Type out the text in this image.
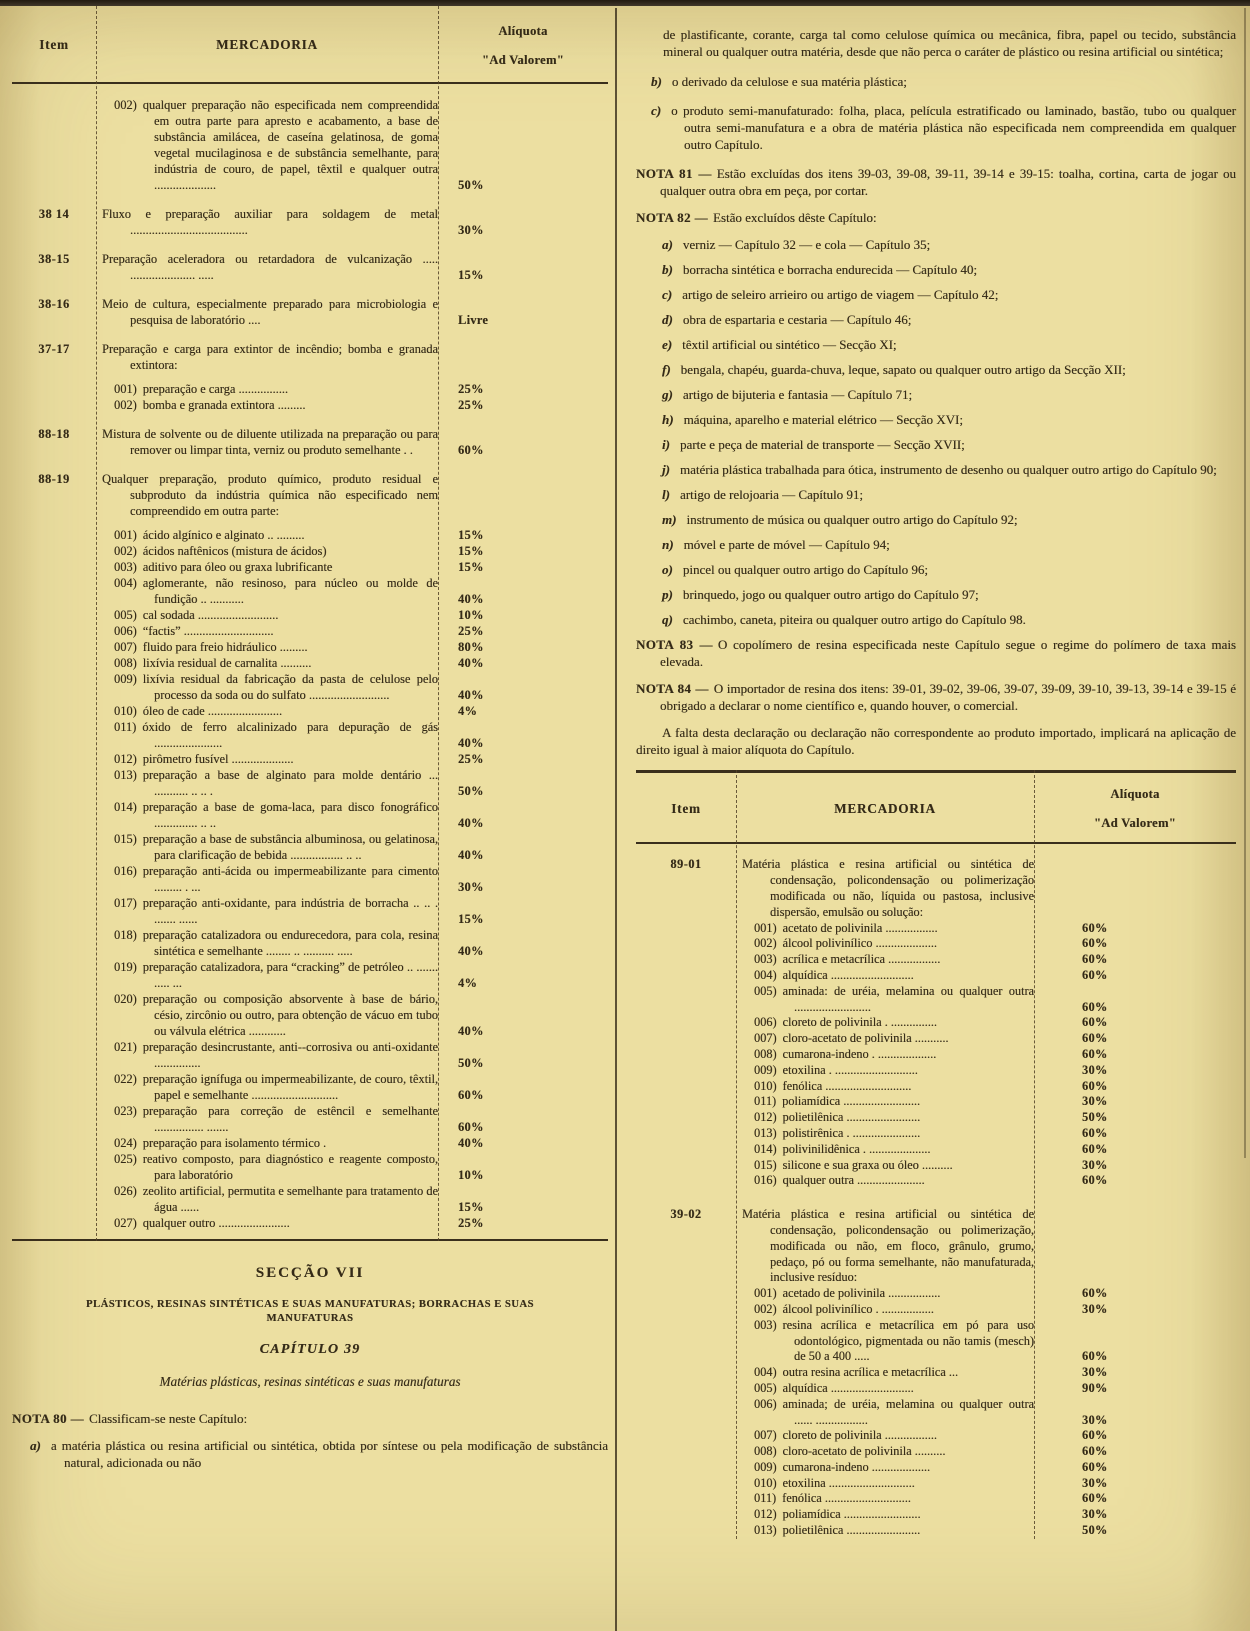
Item	MERCADORIA
Alíquota
"Ad Valorem"
002) qualquer preparação não especificada nem compreendida em outra parte para apresto e acabamento, a base de substância amilácea, de caseína gelatinosa, de goma vegetal mucilaginosa e de substância semelhante, para indústria de couro, de papel, têxtil e qualquer outra ....................	50%
38 14	Fluxo e preparação auxiliar para soldagem de metal ......................................	30%
38-15	Preparação aceleradora ou retardadora de vulcanização ..... ..................... .....	15%
38-16	Meio de cultura, especialmente preparado para microbiologia e pesquisa de laboratório ....	Livre
37-17	Preparação e carga para extintor de incêndio; bomba e granada extintora:
001) preparação e carga ................	25%
002) bomba e granada extintora .........	25%
88-18	Mistura de solvente ou de diluente utilizada na preparação ou para remover ou limpar tinta, verniz ou produto semelhante . .	60%
88-19	Qualquer preparação, produto químico, produto residual e subproduto da indústria química não especificado nem compreendido em outra parte:
001) ácido algínico e alginato .. .........	15%
002) ácidos naftênicos (mistura de ácidos)	15%
003) aditivo para óleo ou graxa lubrificante	15%
004) aglomerante, não resinoso, para núcleo ou molde de fundição .. ...........	40%
005) cal sodada ..........................	10%
006) “factis” .............................	25%
007) fluido para freio hidráulico .........	80%
008) lixívia residual de carnalita ..........	40%
009) lixívia residual da fabricação da pasta de celulose pelo processo da soda ou do sulfato ..........................	40%
010) óleo de cade ........................	4%
011) óxido de ferro alcalinizado para depuração de gás ......................	40%
012) pirômetro fusível ....................	25%
013) preparação a base de alginato para molde dentário ... ........... .. .. .	50%
014) preparação a base de goma-laca, para disco fonográfico .............. .. ..	40%
015) preparação a base de substância albuminosa, ou gelatinosa, para clarificação de bebida ................. .. ..	40%
016) preparação anti-ácida ou impermeabilizante para cimento ......... . ...	30%
017) preparação anti-oxidante, para indústria de borracha .. .. . ....... ......	15%
018) preparação catalizadora ou endurecedora, para cola, resina sintética e semelhante ........ .. .......... .....	40%
019) preparação catalizadora, para “cracking” de petróleo .. ....... ..... ...	4%
020) preparação ou composição absorvente à base de bário, césio, zircônio ou outro, para obtenção de vácuo em tubo ou válvula elétrica ............	40%
021) preparação desincrustante, anti--corrosiva ou anti-oxidante ...............	50%
022) preparação ignífuga ou impermeabilizante, de couro, têxtil, papel e semelhante ............................	60%
023) preparação para correção de estêncil e semelhante ................ .......	60%
024) preparação para isolamento térmico .	40%
025) reativo composto, para diagnóstico e reagente composto, para laboratório	10%
026) zeolito artificial, permutita e semelhante para tratamento de água ......	15%
027) qualquer outro .......................	25%
SECÇÃO VII
PLÁSTICOS, RESINAS SINTÉTICAS E SUAS MANUFATURAS; BORRACHAS E SUAS MANUFATURAS
CAPÍTULO 39
Matérias plásticas, resinas sintéticas e suas manufaturas

NOTA 80 — Classificam-se neste Capítulo:

a) a matéria plástica ou resina artificial ou sintética, obtida por síntese ou pela modificação de substância natural, adicionada ou não

de plastificante, corante, carga tal como celulose química ou mecânica, fibra, papel ou tecido, substância mineral ou qualquer outra matéria, desde que não perca o caráter de plástico ou resina artificial ou sintética;

b) o derivado da celulose e sua matéria plástica;
c) o produto semi-manufaturado: folha, placa, película estratificado ou laminado, bastão, tubo ou qualquer outra semi-manufatura e a obra de matéria plástica não especificada nem compreendida em qualquer outro Capítulo.

NOTA 81 — Estão excluídas dos itens 39-03, 39-08, 39-11, 39-14 e 39-15: toalha, cortina, carta de jogar ou qualquer outra obra em peça, por cortar.

NOTA 82 — Estão excluídos dêste Capítulo:

a) verniz — Capítulo 32 — e cola — Capítulo 35;
b) borracha sintética e borracha endurecida — Capítulo 40;
c) artigo de seleiro arrieiro ou artigo de viagem — Capítulo 42;
d) obra de espartaria e cestaria — Capítulo 46;
e) têxtil artificial ou sintético — Secção XI;
f) bengala, chapéu, guarda-chuva, leque, sapato ou qualquer outro artigo da Secção XII;
g) artigo de bijuteria e fantasia — Capítulo 71;
h) máquina, aparelho e material elétrico — Secção XVI;
i) parte e peça de material de transporte — Secção XVII;
j) matéria plástica trabalhada para ótica, instrumento de desenho ou qualquer outro artigo do Capítulo 90;
l) artigo de relojoaria — Capítulo 91;
m) instrumento de música ou qualquer outro artigo do Capítulo 92;
n) móvel e parte de móvel — Capítulo 94;
o) pincel ou qualquer outro artigo do Capítulo 96;
p) brinquedo, jogo ou qualquer outro artigo do Capítulo 97;
q) cachimbo, caneta, piteira ou qualquer outro artigo do Capítulo 98.

NOTA 83 — O copolímero de resina especificada neste Capítulo segue o regime do polímero de taxa mais elevada.

NOTA 84 — O importador de resina dos itens: 39-01, 39-02, 39-06, 39-07, 39-09, 39-10, 39-13, 39-14 e 39-15 é obrigado a declarar o nome científico e, quando houver, o comercial.

A falta desta declaração ou declaração não correspondente ao produto importado, implicará na aplicação de direito igual à maior alíquota do Capítulo.

Item	MERCADORIA
Alíquota
"Ad Valorem"
89-01	Matéria plástica e resina artificial ou sintética de condensação, policondensação ou polimerização modificada ou não, líquida ou pastosa, inclusive dispersão, emulsão ou solução:
001) acetato de polivinila .................	60%
002) álcool polivinílico ....................	60%
003) acrílica e metacrílica .................	60%
004) alquídica ...........................	60%
005) aminada: de uréia, melamina ou qualquer outra .........................	60%
006) cloreto de polivinila . ...............	60%
007) cloro-acetato de polivinila ...........	60%
008) cumarona-indeno . ...................	60%
009) etoxilina . ...........................	30%
010) fenólica ............................	60%
011) poliamídica .........................	30%
012) polietilênica ........................	50%
013) polistirênica . ......................	60%
014) polivinilidênica . ....................	60%
015) silicone e sua graxa ou óleo ..........	30%
016) qualquer outra ......................	60%
39-02	Matéria plástica e resina artificial ou sintética de condensação, policondensação ou polimerização, modificada ou não, em floco, grânulo, grumo, pedaço, pó ou forma semelhante, não manufaturada, inclusive resíduo:
001) acetado de polivinila .................	60%
002) álcool polivinílico . .................	30%
003) resina acrílica e metacrílica em pó para uso odontológico, pigmentada ou não tamis (mesch) de 50 a 400 .....	60%
004) outra resina acrílica e metacrílica ...	30%
005) alquídica ...........................	90%
006) aminada; de uréia, melamina ou qualquer outra ...... .................	30%
007) cloreto de polivinila .................	60%
008) cloro-acetato de polivinila ..........	60%
009) cumarona-indeno ...................	60%
010) etoxilina ............................	30%
011) fenólica ............................	60%
012) poliamídica .........................	30%
013) polietilênica ........................	50%
